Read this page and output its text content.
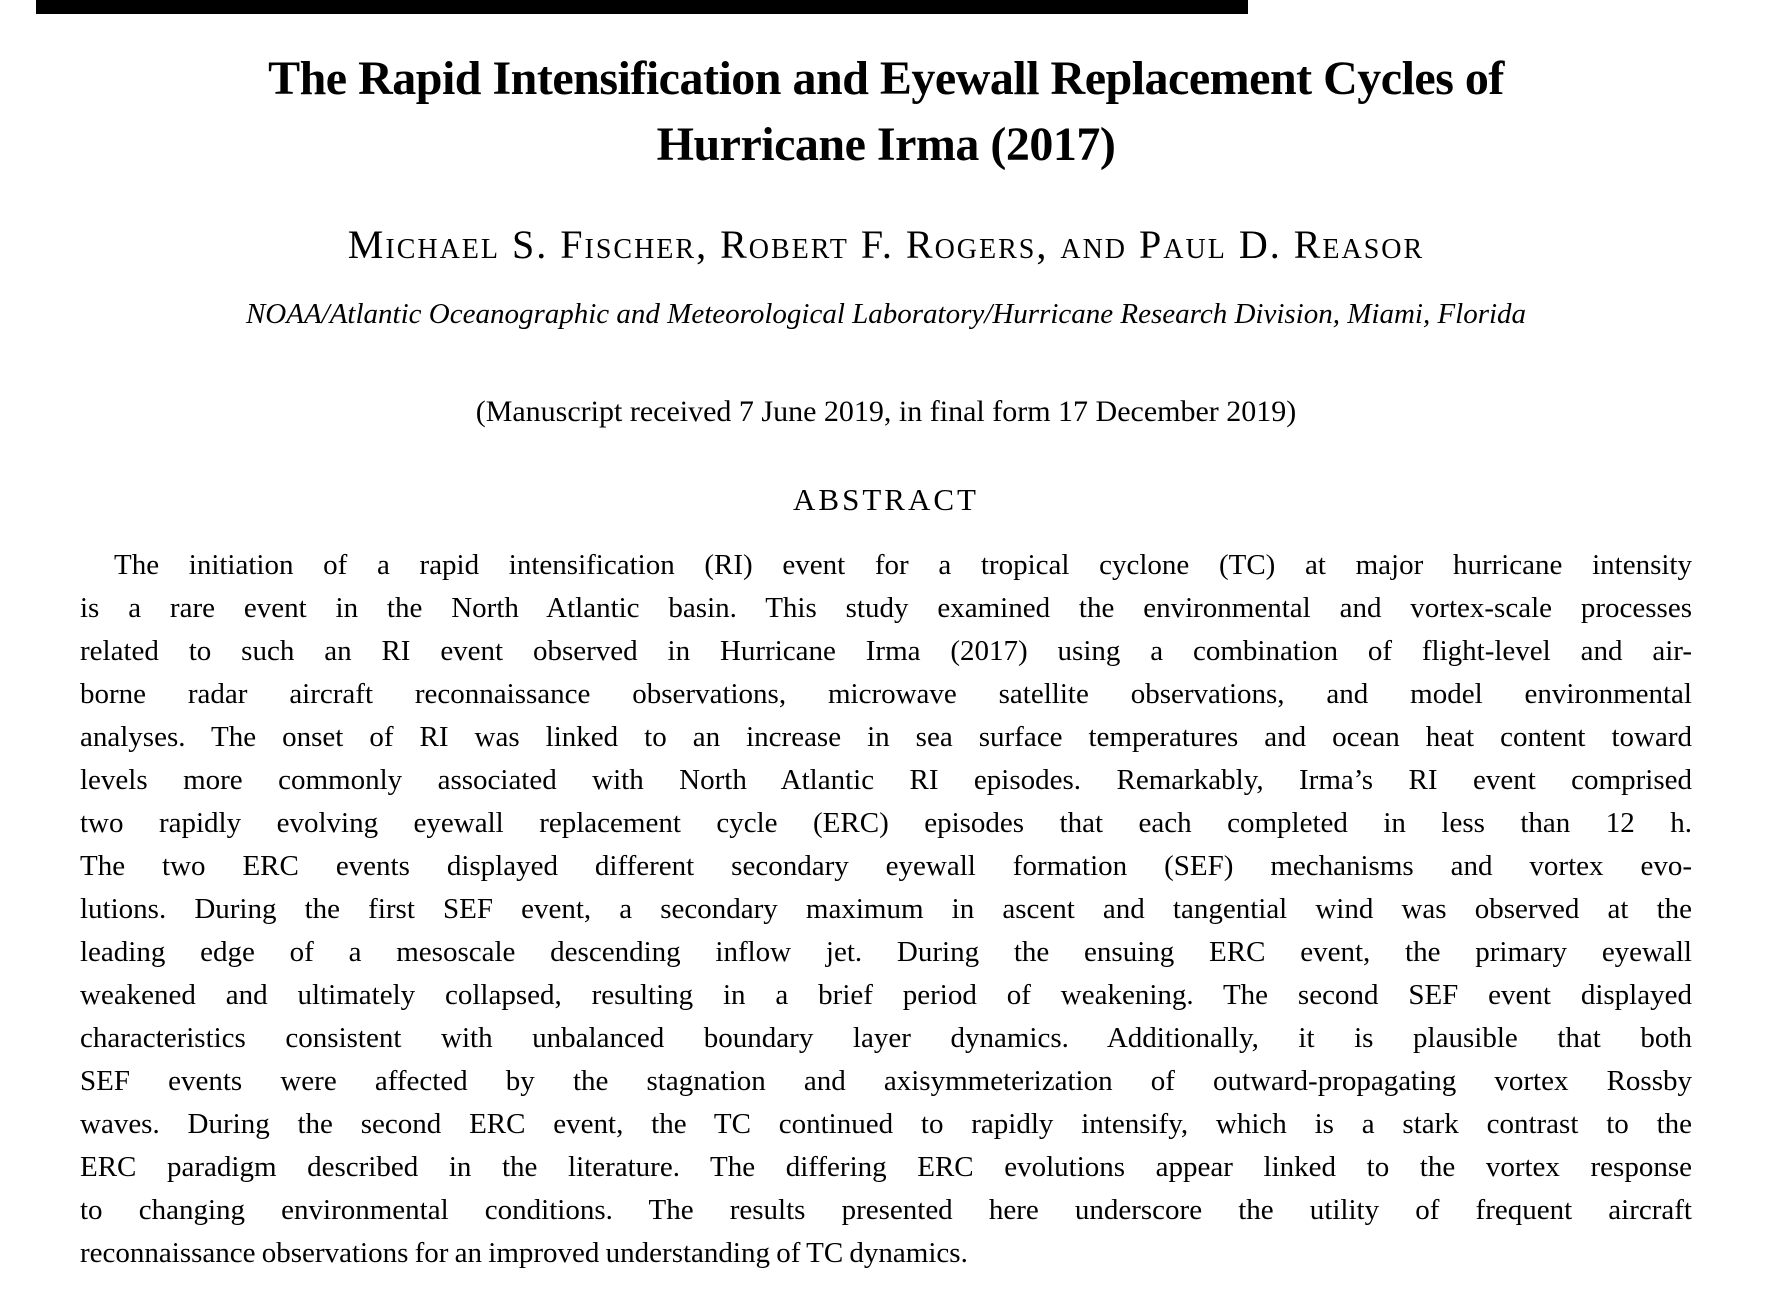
The Rapid Intensification and Eyewall Replacement Cycles of
Hurricane Irma (2017)
Michael S. Fischer, Robert F. Rogers, and Paul D. Reasor
NOAA/Atlantic Oceanographic and Meteorological Laboratory/Hurricane Research Division, Miami, Florida
(Manuscript received 7 June 2019, in final form 17 December 2019)
ABSTRACT
The initiation of a rapid intensification (RI) event for a tropical cyclone (TC) at major hurricane intensity
is a rare event in the North Atlantic basin. This study examined the environmental and vortex-scale processes
related to such an RI event observed in Hurricane Irma (2017) using a combination of flight-level and air-
borne radar aircraft reconnaissance observations, microwave satellite observations, and model environmental
analyses. The onset of RI was linked to an increase in sea surface temperatures and ocean heat content toward
levels more commonly associated with North Atlantic RI episodes. Remarkably, Irma’s RI event comprised
two rapidly evolving eyewall replacement cycle (ERC) episodes that each completed in less than 12 h.
The two ERC events displayed different secondary eyewall formation (SEF) mechanisms and vortex evo-
lutions. During the first SEF event, a secondary maximum in ascent and tangential wind was observed at the
leading edge of a mesoscale descending inflow jet. During the ensuing ERC event, the primary eyewall
weakened and ultimately collapsed, resulting in a brief period of weakening. The second SEF event displayed
characteristics consistent with unbalanced boundary layer dynamics. Additionally, it is plausible that both
SEF events were affected by the stagnation and axisymmeterization of outward-propagating vortex Rossby
waves. During the second ERC event, the TC continued to rapidly intensify, which is a stark contrast to the
ERC paradigm described in the literature. The differing ERC evolutions appear linked to the vortex response
to changing environmental conditions. The results presented here underscore the utility of frequent aircraft
reconnaissance observations for an improved understanding of TC dynamics.
